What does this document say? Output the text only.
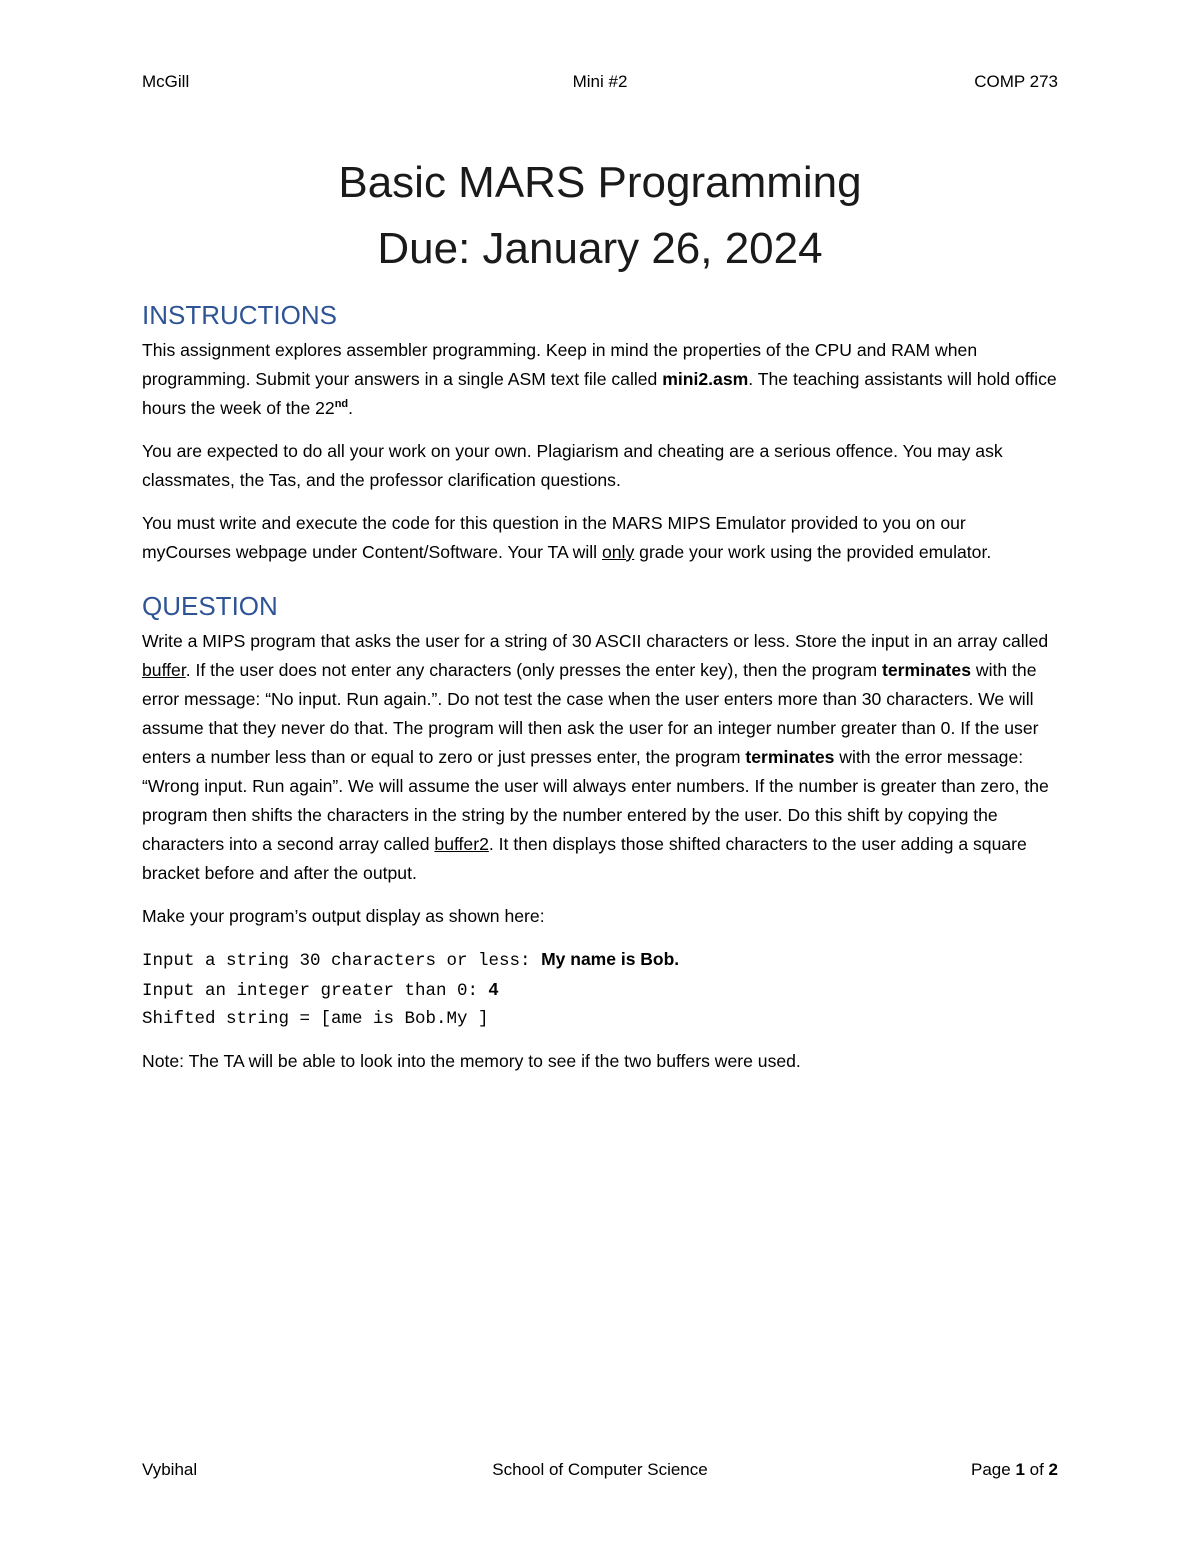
McGill	Mini #2	COMP 273
Basic MARS Programming
Due: January 26, 2024
INSTRUCTIONS

This assignment explores assembler programming. Keep in mind the properties of the CPU and RAM when programming. Submit your answers in a single ASM text file called mini2.asm. The teaching assistants will hold office hours the week of the 22nd.

You are expected to do all your work on your own. Plagiarism and cheating are a serious offence. You may ask classmates, the Tas, and the professor clarification questions.

You must write and execute the code for this question in the MARS MIPS Emulator provided to you on our myCourses webpage under Content/Software. Your TA will only grade your work using the provided emulator.

QUESTION

Write a MIPS program that asks the user for a string of 30 ASCII characters or less. Store the input in an array called buffer. If the user does not enter any characters (only presses the enter key), then the program terminates with the error message: “No input. Run again.”. Do not test the case when the user enters more than 30 characters. We will assume that they never do that. The program will then ask the user for an integer number greater than 0. If the user enters a number less than or equal to zero or just presses enter, the program terminates with the error message: “Wrong input. Run again”. We will assume the user will always enter numbers. If the number is greater than zero, the program then shifts the characters in the string by the number entered by the user. Do this shift by copying the characters into a second array called buffer2. It then displays those shifted characters to the user adding a square bracket before and after the output.

Make your program’s output display as shown here:

Input a string 30 characters or less: My name is Bob.
Input an integer greater than 0: 4
Shifted string = [ame is Bob.My ]

Note: The TA will be able to look into the memory to see if the two buffers were used.

Vybihal	School of Computer Science	Page 1 of 2
